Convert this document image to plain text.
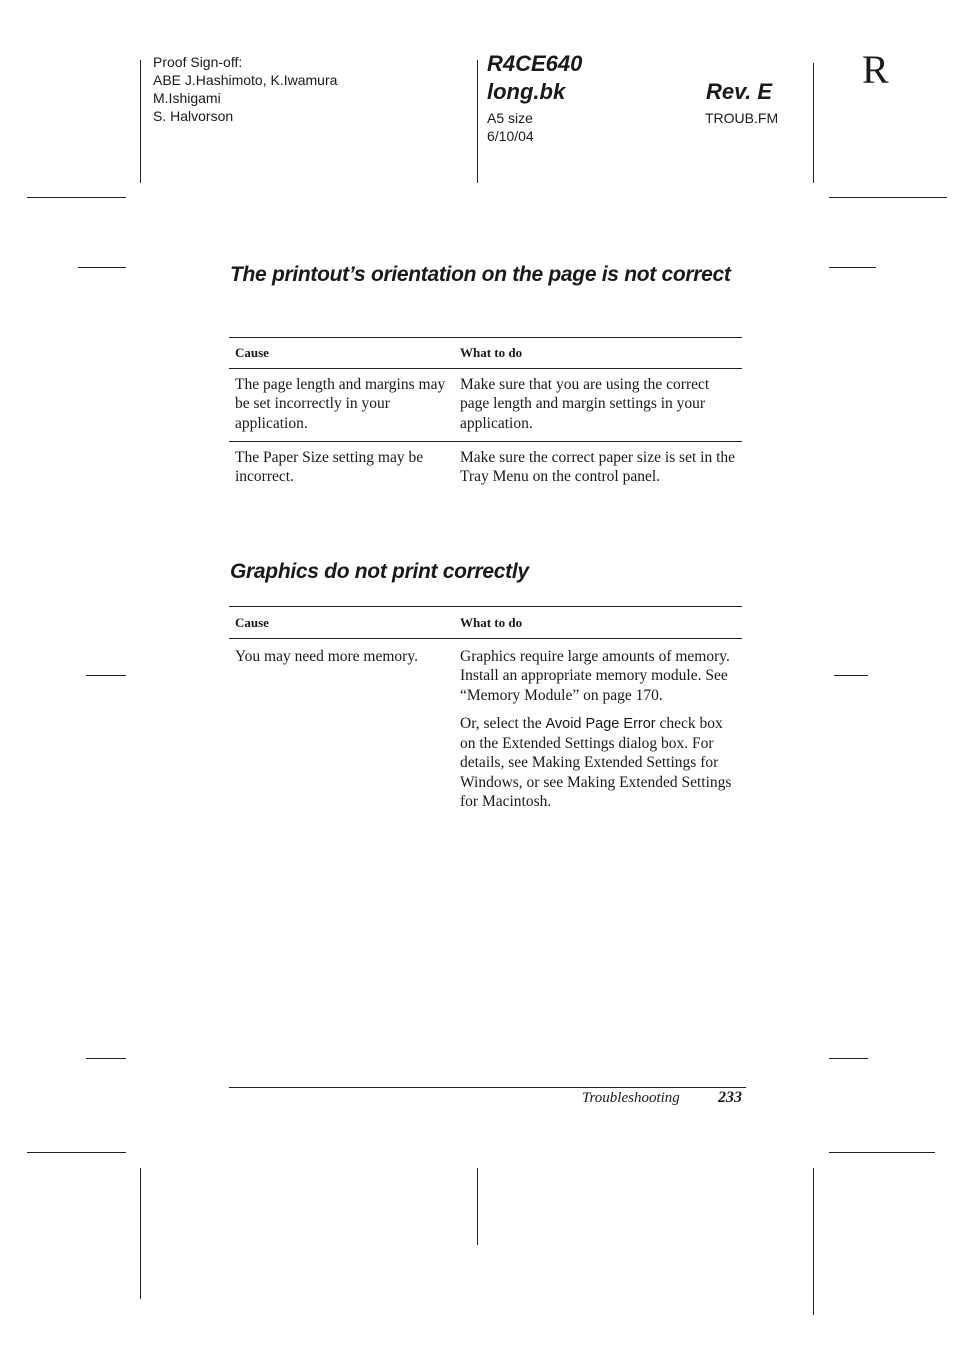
Proof Sign-off:
ABE J.Hashimoto, K.Iwamura
M.Ishigami
S. Halvorson
R4CE640
long.bk	Rev. E
A5 size
6/10/04
TROUB.FM
R
The printout’s orientation on the page is not correct
Cause	What to do
The page length and margins may be set incorrectly in your application.	Make sure that you are using the correct page length and margin settings in your application.
The Paper Size setting may be incorrect.	Make sure the correct paper size is set in the Tray Menu on the control panel.
Graphics do not print correctly
Cause	What to do
You may need more memory.	Graphics require large amounts of memory. Install an appropriate memory module. See “Memory Module” on page 170.

Or, select the Avoid Page Error check box on the Extended Settings dialog box. For details, see Making Extended Settings for Windows, or see Making Extended Settings for Macintosh.

Troubleshooting 233
